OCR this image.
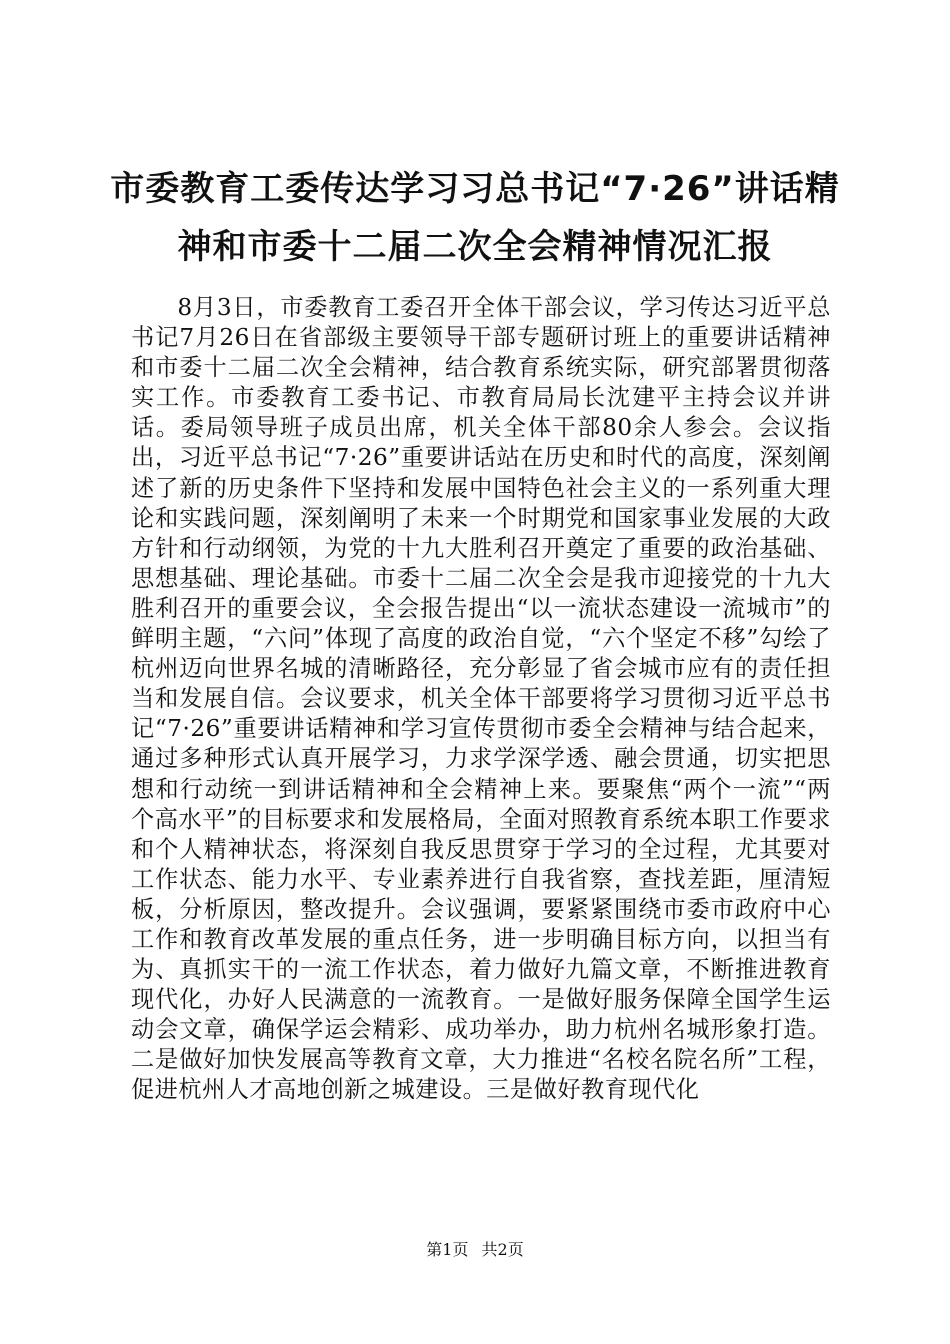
市委教育工委传达学习习总书记“7·26”讲话精神和市委十二届二次全会精神情况汇报

8月3日，市委教育工委召开全体干部会议，学习传达习近平总书记7月26日在省部级主要领导干部专题研讨班上的重要讲话精神和市委十二届二次全会精神，结合教育系统实际，研究部署贯彻落实工作。市委教育工委书记、市教育局局长沈建平主持会议并讲话。委局领导班子成员出席，机关全体干部80余人参会。会议指出，习近平总书记“7·26”重要讲话站在历史和时代的高度，深刻阐述了新的历史条件下坚持和发展中国特色社会主义的一系列重大理论和实践问题，深刻阐明了未来一个时期党和国家事业发展的大政方针和行动纲领，为党的十九大胜利召开奠定了重要的政治基础、思想基础、理论基础。市委十二届二次全会是我市迎接党的十九大胜利召开的重要会议，全会报告提出“以一流状态建设一流城市”的鲜明主题，“六问”体现了高度的政治自觉，“六个坚定不移”勾绘了杭州迈向世界名城的清晰路径，充分彰显了省会城市应有的责任担当和发展自信。会议要求，机关全体干部要将学习贯彻习近平总书记“7·26”重要讲话精神和学习宣传贯彻市委全会精神与结合起来，通过多种形式认真开展学习，力求学深学透、融会贯通，切实把思想和行动统一到讲话精神和全会精神上来。要聚焦“两个一流”“两个高水平”的目标要求和发展格局，全面对照教育系统本职工作要求和个人精神状态，将深刻自我反思贯穿于学习的全过程，尤其要对工作状态、能力水平、专业素养进行自我省察，查找差距，厘清短板，分析原因，整改提升。会议强调，要紧紧围绕市委市政府中心工作和教育改革发展的重点任务，进一步明确目标方向，以担当有为、真抓实干的一流工作状态，着力做好九篇文章，不断推进教育现代化，办好人民满意的一流教育。一是做好服务保障全国学生运动会文章，确保学运会精彩、成功举办，助力杭州名城形象打造。二是做好加快发展高等教育文章，大力推进“名校名院名所”工程，促进杭州人才高地创新之城建设。三是做好教育现代化

第1页 共2页
